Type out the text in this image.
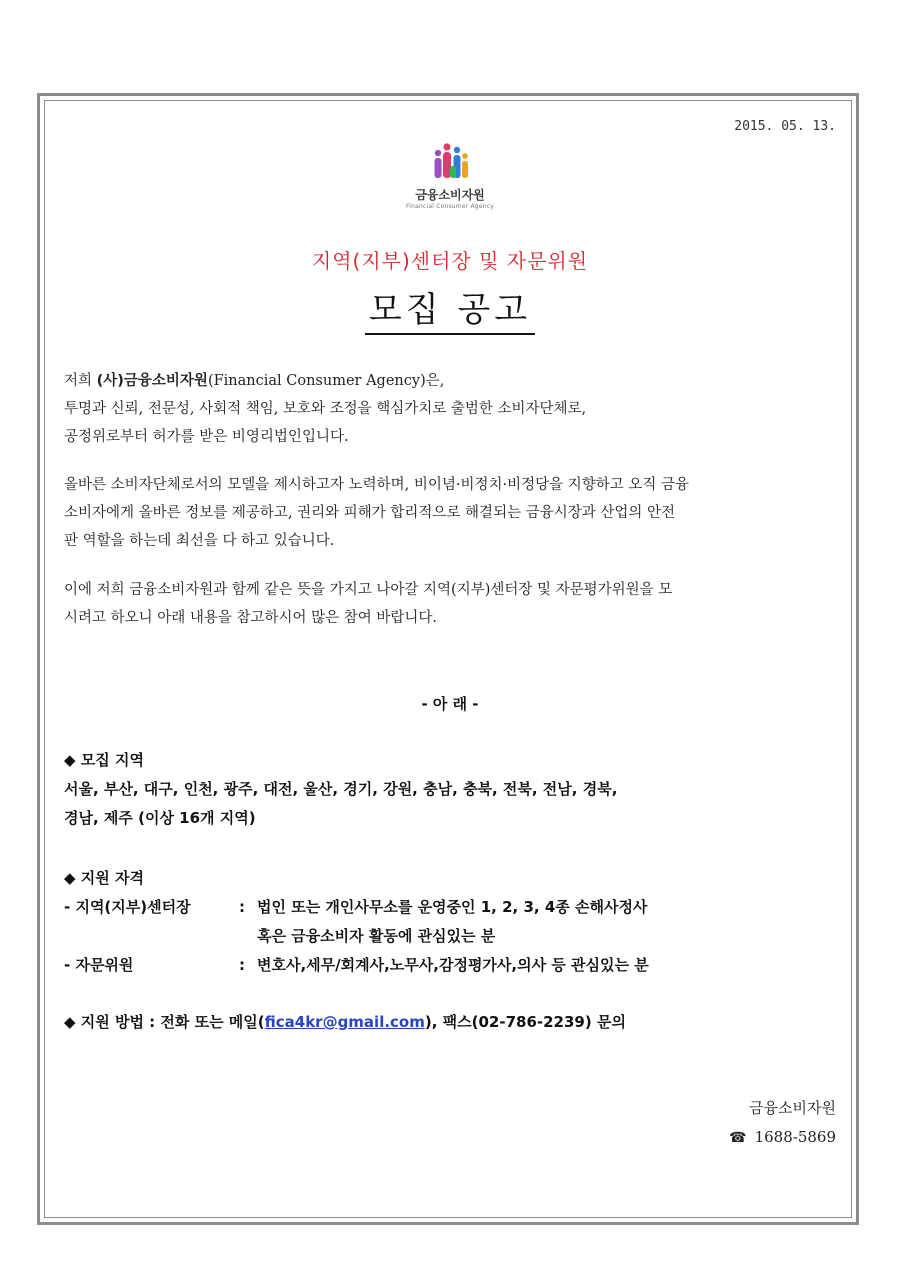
2015. 05. 13.
금융소비자원
Financial Consumer Agency
지역(지부)센터장 및 자문위원
모집 공고

저희 (사)금융소비자원(Financial Consumer Agency)은,

투명과 신뢰, 전문성, 사회적 책임, 보호와 조정을 핵심가치로 출범한 소비자단체로,

공정위로부터 허가를 받은 비영리법인입니다.

올바른 소비자단체로서의 모델을 제시하고자 노력하며, 비이념·비정치·비정당을 지향하고 오직 금융

소비자에게 올바른 정보를 제공하고, 권리와 피해가 합리적으로 해결되는 금융시장과 산업의 안전

판 역할을 하는데 최선을 다 하고 있습니다.

이에 저희 금융소비자원과 함께 같은 뜻을 가지고 나아갈 지역(지부)센터장 및 자문평가위원을 모

시려고 하오니 아래 내용을 참고하시어 많은 참여 바랍니다.

- 아 래 -

◆ 모집 지역

서울, 부산, 대구, 인천, 광주, 대전, 울산, 경기, 강원, 충남, 충북, 전북, 전남, 경북,

경남, 제주 (이상 16개 지역)

◆ 지원 자격

- 지역(지부)센터장	: 법인 또는 개인사무소를 운영중인 1, 2, 3, 4종 손해사정사
혹은 금융소비자 활동에 관심있는 분
- 자문위원	: 변호사,세무/회계사,노무사,감정평가사,의사 등 관심있는 분

◆ 지원 방법 : 전화 또는 메일(fica4kr@gmail.com), 팩스(02-786-2239) 문의

금융소비자원
☎ 1688-5869
